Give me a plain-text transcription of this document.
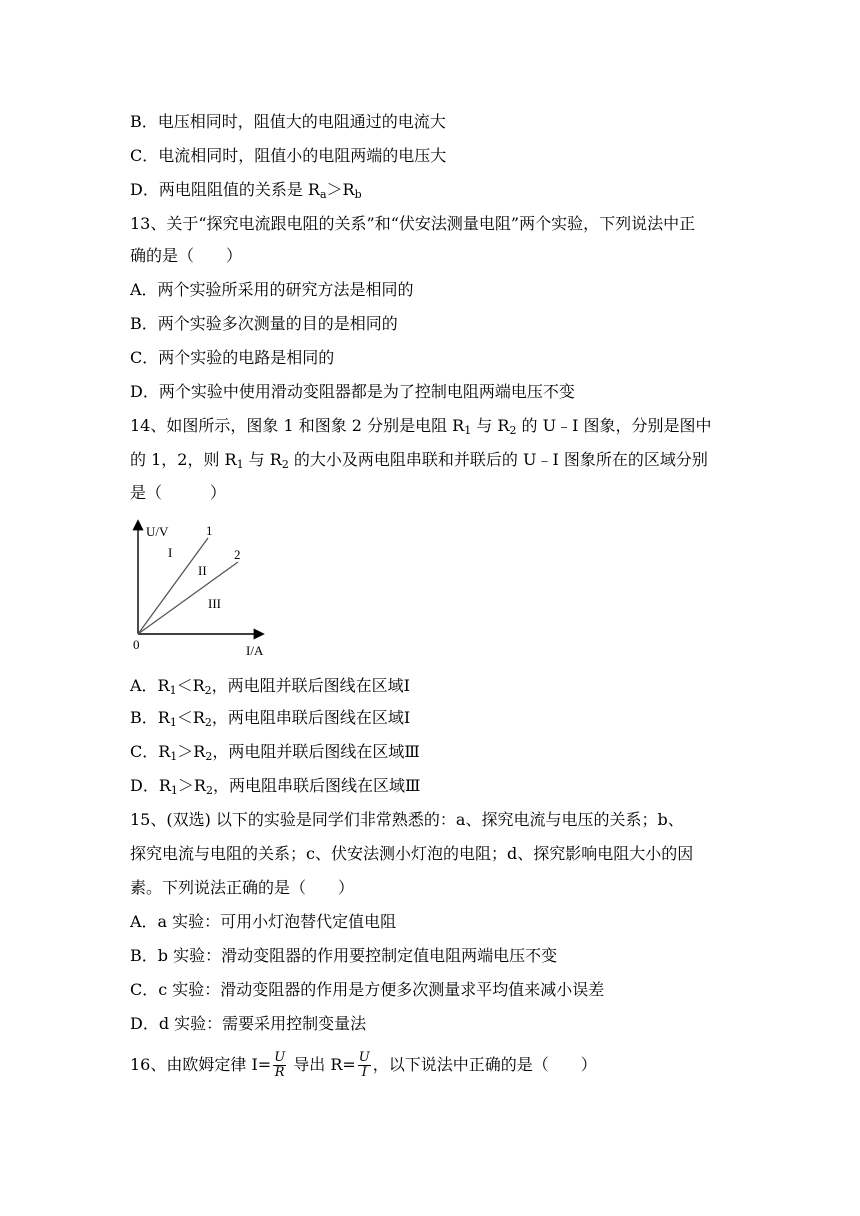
B．电压相同时，阻值大的电阻通过的电流大
C．电流相同时，阻值小的电阻两端的电压大
D．两电阻阻值的关系是 $R_a>R_b$
13、关于“探究电流跟电阻的关系”和“伏安法测量电阻”两个实验，下列说法中正
确的是（　　）
A．两个实验所采用的研究方法是相同的
B．两个实验多次测量的目的是相同的
C．两个实验的电路是相同的
D．两个实验中使用滑动变阻器都是为了控制电阻两端电压不变
14、如图所示，图象 1 和图象 2 分别是电阻 $R_1$ 与 $R_2$ 的 U﹣I 图象，分别是图中
的 1，2，则 $R_1$ 与 $R_2$ 的大小及两电阻串联和并联后的 U﹣I 图象所在的区域分别
是（　　　）
U/V
I/A
0
1
2
I
II
III
A．$R_1<R_2$，两电阻并联后图线在区域Ⅰ
B．$R_1<R_2$，两电阻串联后图线在区域Ⅰ
C．$R_1>R_2$，两电阻并联后图线在区域Ⅲ
D．$R_1>R_2$，两电阻串联后图线在区域Ⅲ
15、(双选) 以下的实验是同学们非常熟悉的：a、探究电流与电压的关系；b、
探究电流与电阻的关系；c、伏安法测小灯泡的电阻；d、探究影响电阻大小的因
素。下列说法正确的是（　　）
A．a 实验：可用小灯泡替代定值电阻
B．b 实验：滑动变阻器的作用要控制定值电阻两端电压不变
C．c 实验：滑动变阻器的作用是方便多次测量求平均值来减小误差
D．d 实验：需要采用控制变量法
16、由欧姆定律 $I= \frac{U}{R}$ 导出 $R= \frac{U}{I}$ ，以下说法中正确的是（　　）
